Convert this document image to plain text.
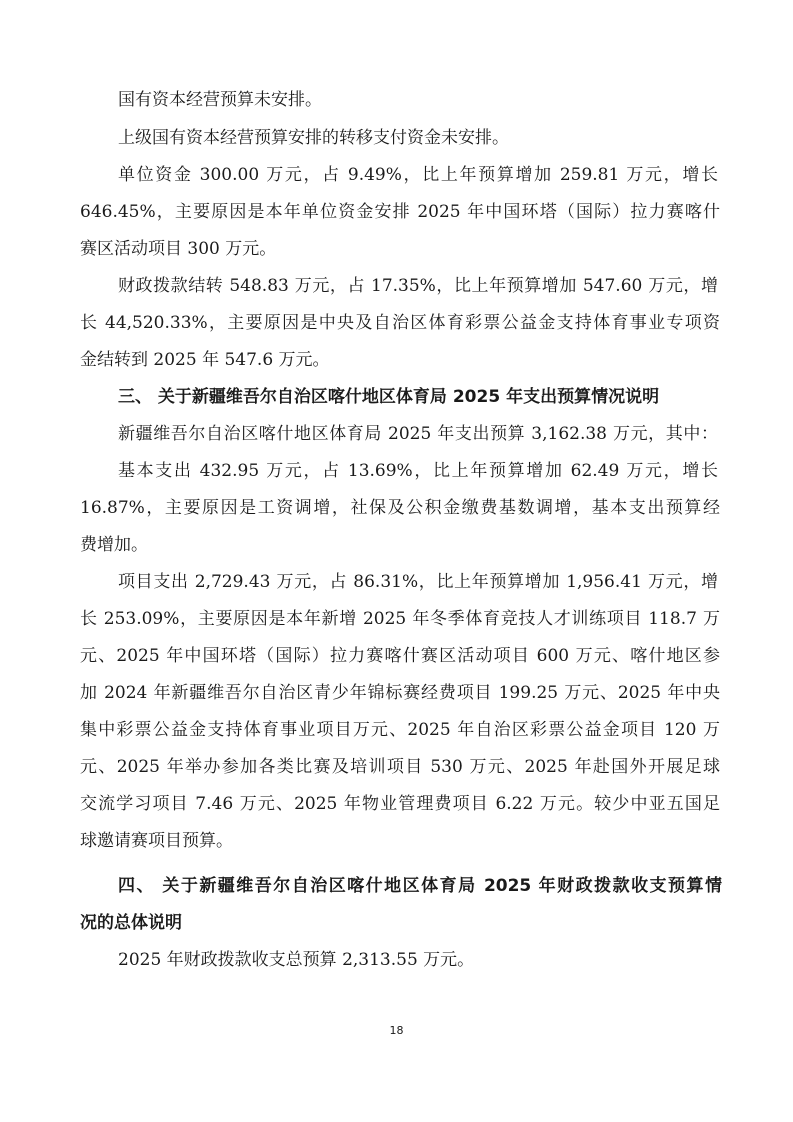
国有资本经营预算未安排。
上级国有资本经营预算安排的转移支付资金未安排。
单位资金 300.00 万元，占 9.49%，比上年预算增加 259.81 万元，增长
646.45%，主要原因是本年单位资金安排 2025 年中国环塔（国际）拉力赛喀什
赛区活动项目 300 万元。
财政拨款结转 548.83 万元，占 17.35%，比上年预算增加 547.60 万元，增
长 44,520.33%，主要原因是中央及自治区体育彩票公益金支持体育事业专项资
金结转到 2025 年 547.6 万元。
三、 关于新疆维吾尔自治区喀什地区体育局 2025 年支出预算情况说明
新疆维吾尔自治区喀什地区体育局 2025 年支出预算 3,162.38 万元，其中：
基本支出 432.95 万元，占 13.69%，比上年预算增加 62.49 万元，增长
16.87%，主要原因是工资调增，社保及公积金缴费基数调增，基本支出预算经
费增加。
项目支出 2,729.43 万元，占 86.31%，比上年预算增加 1,956.41 万元，增
长 253.09%，主要原因是本年新增 2025 年冬季体育竞技人才训练项目 118.7 万
元、2025 年中国环塔（国际）拉力赛喀什赛区活动项目 600 万元、喀什地区参
加 2024 年新疆维吾尔自治区青少年锦标赛经费项目 199.25 万元、2025 年中央
集中彩票公益金支持体育事业项目万元、2025 年自治区彩票公益金项目 120 万
元、2025 年举办参加各类比赛及培训项目 530 万元、2025 年赴国外开展足球
交流学习项目 7.46 万元、2025 年物业管理费项目 6.22 万元。较少中亚五国足
球邀请赛项目预算。
四、 关于新疆维吾尔自治区喀什地区体育局 2025 年财政拨款收支预算情
况的总体说明
2025 年财政拨款收支总预算 2,313.55 万元。
18
